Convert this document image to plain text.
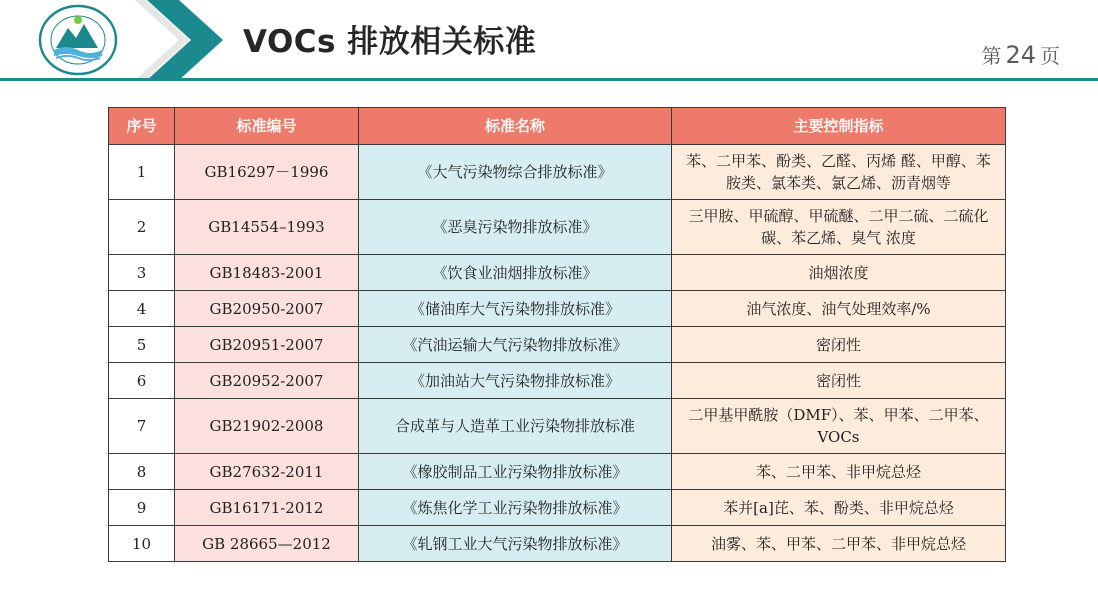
VOCs 排放相关标准	第 24 页
序号	标准编号	标准名称	主要控制指标
1	GB16297－1996	《大气污染物综合排放标准》	苯、二甲苯、酚类、乙醛、丙烯 醛、甲醇、苯胺类、氯苯类、氯乙烯、沥青烟等
2	GB14554–1993	《恶臭污染物排放标准》	三甲胺、甲硫醇、甲硫醚、二甲二硫、二硫化碳、苯乙烯、臭气 浓度
3	GB18483-2001	《饮食业油烟排放标准》	油烟浓度
4	GB20950-2007	《储油库大气污染物排放标准》	油气浓度、油气处理效率/%
5	GB20951-2007	《汽油运输大气污染物排放标准》	密闭性
6	GB20952-2007	《加油站大气污染物排放标准》	密闭性
7	GB21902-2008	合成革与人造革工业污染物排放标准	二甲基甲酰胺（DMF）、苯、甲苯、二甲苯、VOCs
8	GB27632-2011	《橡胶制品工业污染物排放标准》	苯、二甲苯、非甲烷总烃
9	GB16171-2012	《炼焦化学工业污染物排放标准》	苯并[a]芘、苯、酚类、非甲烷总烃
10	GB 28665—2012	《轧钢工业大气污染物排放标准》	油雾、苯、甲苯、二甲苯、非甲烷总烃
